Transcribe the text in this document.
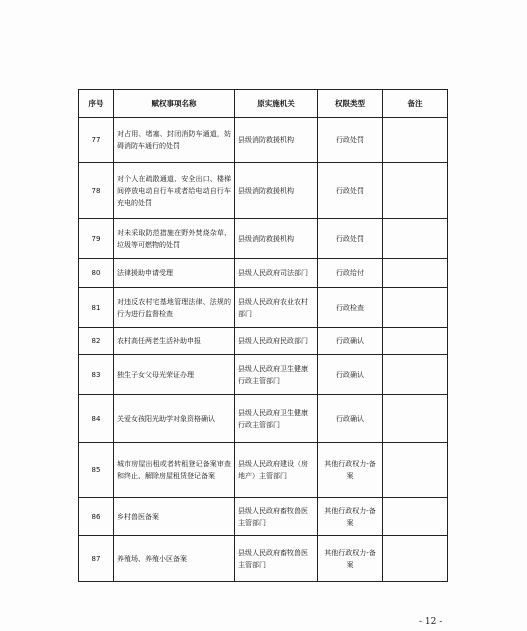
序号	赋权事项名称	原实施机关	权限类型	备注
77	对占用、堵塞、封闭消防车通道，妨碍消防车通行的处罚	县级消防救援机构	行政处罚	
78	对个人在疏散通道、安全出口、楼梯间停放电动自行车或者给电动自行车充电的处罚	县级消防救援机构	行政处罚	
79	对未采取防范措施在野外焚烧杂草、垃圾等可燃物的处罚	县级消防救援机构	行政处罚	
80	法律援助申请受理	县级人民政府司法部门	行政给付	
81	对违反农村宅基地管理法律、法规的行为进行监督检查	县级人民政府农业农村部门	行政检查	
82	农村高任两老生活补助申报	县级人民政府民政部门	行政确认	
83	独生子女父母光荣证办理	县级人民政府卫生健康行政主管部门	行政确认	
84	关爱女孩阳光助学对象资格确认	县级人民政府卫生健康行政主管部门	行政确认	
85	城市房屋出租或者转租登记备案审查和终止、解除房屋租赁登记备案	县级人民政府建设（房地产）主管部门	其他行政权力-备案	
86	乡村兽医备案	县级人民政府畜牧兽医主管部门	其他行政权力-备案	
87	养殖场、养殖小区备案	县级人民政府畜牧兽医主管部门	其他行政权力-备案	
- 12 -
